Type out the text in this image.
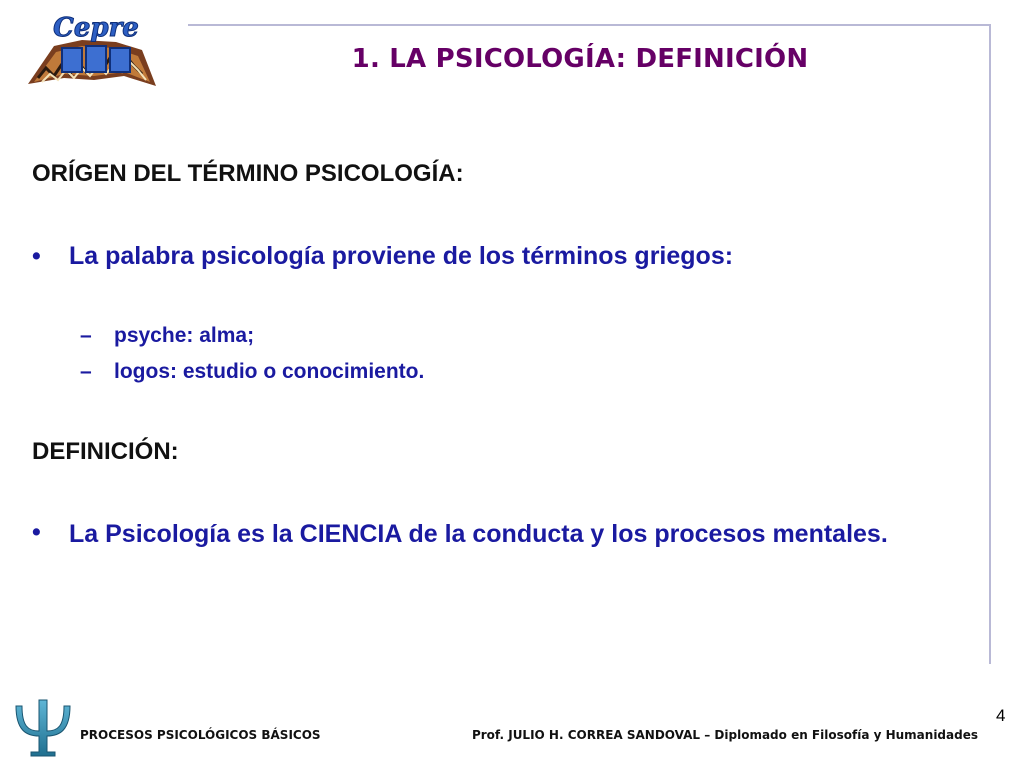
Cepre
1. LA PSICOLOGÍA: DEFINICIÓN
ORÍGEN DEL TÉRMINO PSICOLOGÍA:
•	La palabra psicología proviene de los términos griegos:
–	psyche: alma;
–	logos: estudio o conocimiento.
DEFINICIÓN:
•	La Psicología es la CIENCIA de la conducta y los procesos mentales.
PROCESOS PSICOLÓGICOS BÁSICOS	Prof. JULIO H. CORREA SANDOVAL – Diplomado en Filosofía y Humanidades
4
